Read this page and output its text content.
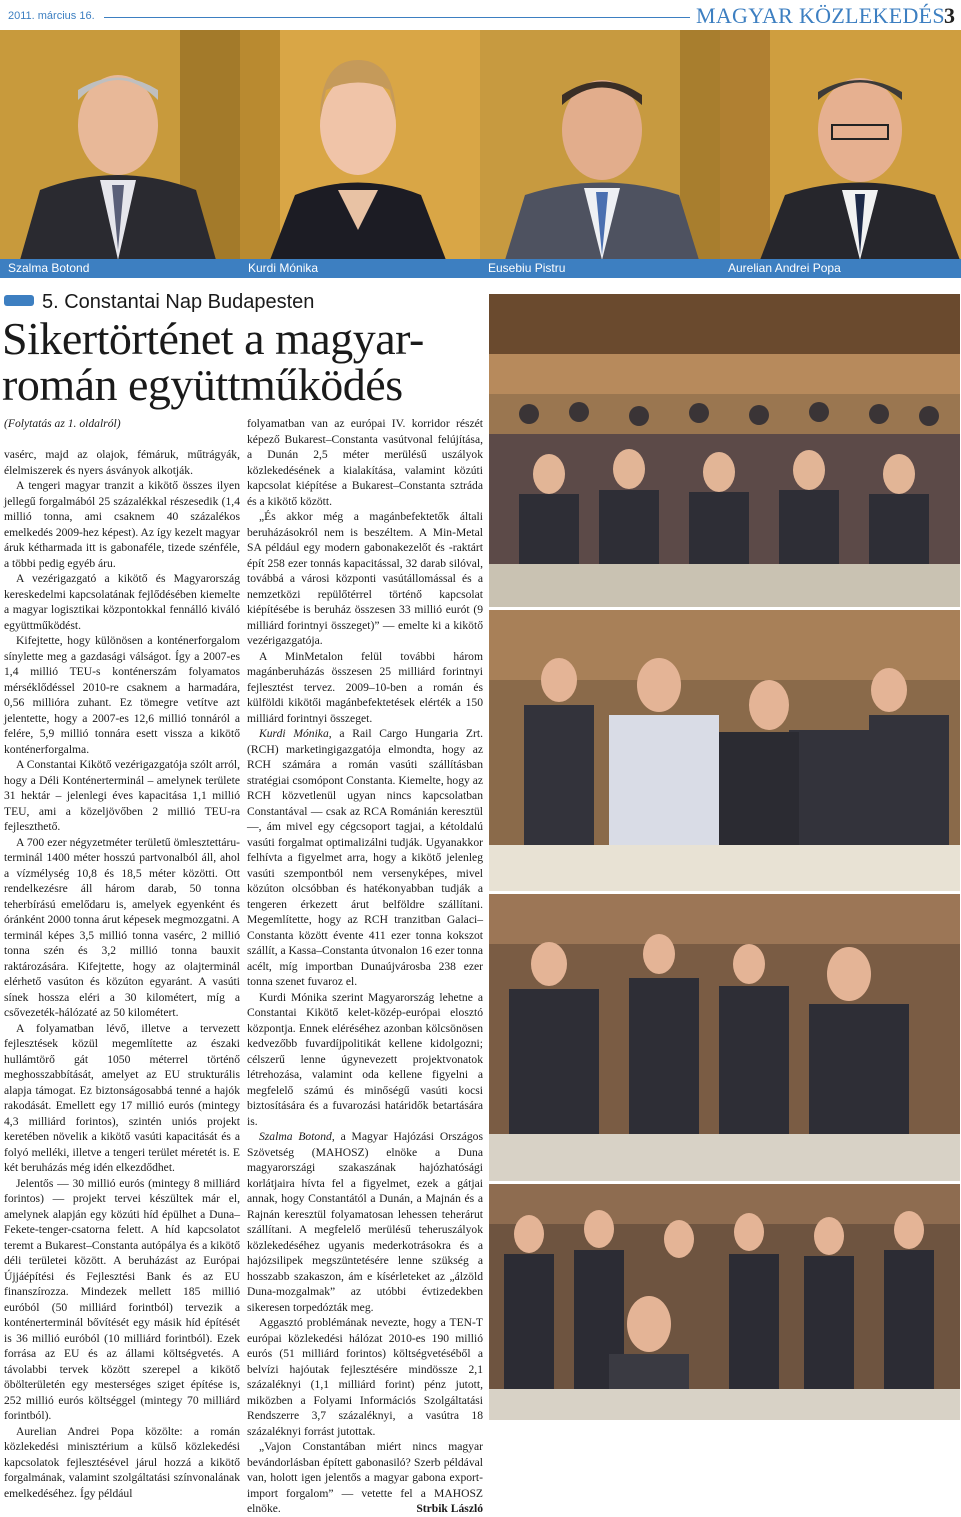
2011. március 16.	MAGYAR KÖZLEKEDÉS 3
Szalma Botond	Kurdi Mónika	Eusebiu Pistru	Aurelian Andrei Popa
5. Constantai Nap Budapesten
Sikertörténet a magyar-román együttműködés

(Folytatás az 1. oldalról)

vasérc, majd az olajok, fémáruk, műtrágyák, élelmiszerek és nyers ásványok alkotják.

A tengeri magyar tranzit a kikötő összes ilyen jellegű forgalmából 25 százalékkal részesedik (1,4 millió tonna, ami csaknem 40 százalékos emelkedés 2009-hez képest). Az így kezelt magyar áruk kétharmada itt is gabonaféle, tizede szénféle, a többi pedig egyéb áru.

A vezérigazgató a kikötő és Magyarország kereskedelmi kapcsolatának fejlődésében kiemelte a magyar logisztikai központokkal fennálló kiváló együttműködést.

Kifejtette, hogy különösen a konténerforgalom sínylette meg a gazdasági válságot. Így a 2007-es 1,4 millió TEU-s konténerszám folyamatos mérséklődéssel 2010-re csaknem a harmadára, 0,56 millióra zuhant. Ez tömegre vetítve azt jelentette, hogy a 2007-es 12,6 millió tonnáról a felére, 5,9 millió tonnára esett vissza a kikötő konténerforgalma.

A Constantai Kikötő vezérigazgatója szólt arról, hogy a Déli Konténerterminál – amelynek területe 31 hektár – jelenlegi éves kapacitása 1,1 millió TEU, ami a közeljövőben 2 millió TEU-ra fejleszthető.

A 700 ezer négyzetméter területű ömlesztettáru-terminál 1400 méter hosszú partvonalból áll, ahol a vízmélység 10,8 és 18,5 méter közötti. Ott rendelkezésre áll három darab, 50 tonna teherbírású emelődaru is, amelyek egyenként és óránként 2000 tonna árut képesek megmozgatni. A terminál képes 3,5 millió tonna vasérc, 2 millió tonna szén és 3,2 millió tonna bauxit raktározására. Kifejtette, hogy az olajterminál elérhető vasúton és közúton egyaránt. A vasúti sínek hossza eléri a 30 kilométert, míg a csővezeték-hálózaté az 50 kilométert.

A folyamatban lévő, illetve a tervezett fejlesztések közül megemlítette az északi hullámtörő gát 1050 méterrel történő meghosszabbítását, amelyet az EU strukturális alapja támogat. Ez biztonságosabbá tenné a hajók rakodását. Emellett egy 17 millió eurós (mintegy 4,3 milliárd forintos), szintén uniós projekt keretében növelik a kikötő vasúti kapacitását és a folyó melléki, illetve a tengeri terület méretét is. E két beruházás még idén elkezdődhet.

Jelentős — 30 millió eurós (mintegy 8 milliárd forintos) — projekt tervei készültek már el, amelynek alapján egy közúti híd épülhet a Duna–Fekete-tenger-csatorna felett. A híd kapcsolatot teremt a Bukarest–Constanta autópálya és a kikötő déli területei között. A beruházást az Európai Újjáépítési és Fejlesztési Bank és az EU finanszírozza. Mindezek mellett 185 millió euróból (50 milliárd forintból) tervezik a konténerterminál bővítését egy másik híd építését is 36 millió euróból (10 milliárd forintból). Ezek forrása az EU és az állami költségvetés. A távolabbi tervek között szerepel a kikötő öbölterületén egy mesterséges sziget építése is, 252 millió eurós költséggel (mintegy 70 milliárd forintból).

Aurelian Andrei Popa közölte: a román közlekedési minisztérium a külső közlekedési kapcsolatok fejlesztésével járul hozzá a kikötő forgalmának, valamint szolgáltatási színvonalának emelkedéséhez. Így például

folyamatban van az európai IV. korridor részét képező Bukarest–Constanta vasútvonal felújítása, a Dunán 2,5 méter merülésű uszályok közlekedésének a kialakítása, valamint közúti kapcsolat kiépítése a Bukarest–Constanta sztráda és a kikötő között.

„És akkor még a magánbefektetők általi beruházásokról nem is beszéltem. A Min-Metal SA például egy modern gabonakezelőt és -raktárt épít 258 ezer tonnás kapacitással, 32 darab silóval, továbbá a városi központi vasútállomással és a nemzetközi repülőtérrel történő kapcsolat kiépítésébe is beruház összesen 33 millió eurót (9 milliárd forintnyi összeget)” — emelte ki a kikötő vezérigazgatója.

A MinMetalon felül további három magánberuházás összesen 25 milliárd forintnyi fejlesztést tervez. 2009–10-ben a román és külföldi kikötői magánbefektetések elérték a 150 milliárd forintnyi összeget.

Kurdi Mónika, a Rail Cargo Hungaria Zrt. (RCH) marketingigazgatója elmondta, hogy az RCH számára a román vasúti szállításban stratégiai csomópont Constanta. Kiemelte, hogy az RCH közvetlenül ugyan nincs kapcsolatban Constantával — csak az RCA Románián keresztül —, ám mivel egy cégcsoport tagjai, a kétoldalú vasúti forgalmat optimalizálni tudják. Ugyanakkor felhívta a figyelmet arra, hogy a kikötő jelenleg vasúti szempontból nem versenyképes, mivel közúton olcsóbban és hatékonyabban tudják a tengeren érkezett árut belföldre szállítani. Megemlítette, hogy az RCH tranzitban Galaci–Constanta között évente 411 ezer tonna kokszot szállít, a Kassa–Constanta útvonalon 16 ezer tonna acélt, míg importban Dunaújvárosba 238 ezer tonna szenet fuvaroz el.

Kurdi Mónika szerint Magyarország lehetne a Constantai Kikötő kelet-közép-európai elosztó központja. Ennek eléréséhez azonban kölcsönösen kedvezőbb fuvardíjpolitikát kellene kidolgozni; célszerű lenne úgynevezett projektvonatok létrehozása, valamint oda kellene figyelni a megfelelő számú és minőségű vasúti kocsi biztosítására és a fuvarozási határidők betartására is.

Szalma Botond, a Magyar Hajózási Országos Szövetség (MAHOSZ) elnöke a Duna magyarországi szakaszának hajózhatósági korlátjaira hívta fel a figyelmet, ezek a gátjai annak, hogy Constantától a Dunán, a Majnán és a Rajnán keresztül folyamatosan lehessen teherárut szállítani. A megfelelő merülésű teheruszályok közlekedéséhez ugyanis mederkotrásokra és a hajózsilipek megszüntetésére lenne szükség a hosszabb szakaszon, ám e kísérleteket az „álzöld Duna-mozgalmak” az utóbbi évtizedekben sikeresen torpedózták meg.

Aggasztó problémának nevezte, hogy a TEN-T európai közlekedési hálózat 2010-es 190 millió eurós (51 milliárd forintos) költségvetéséből a belvízi hajóutak fejlesztésére mindössze 2,1 százaléknyi (1,1 milliárd forint) pénz jutott, miközben a Folyami Információs Szolgáltatási Rendszerre 3,7 százaléknyi, a vasútra 18 százaléknyi forrást jutottak.

„Vajon Constantában miért nincs magyar bevándorlásban épített gabonasiló? Szerb példával van, holott igen jelentős a magyar gabona export-import forgalom” — vetette fel a MAHOSZ elnöke.	Strbik László
